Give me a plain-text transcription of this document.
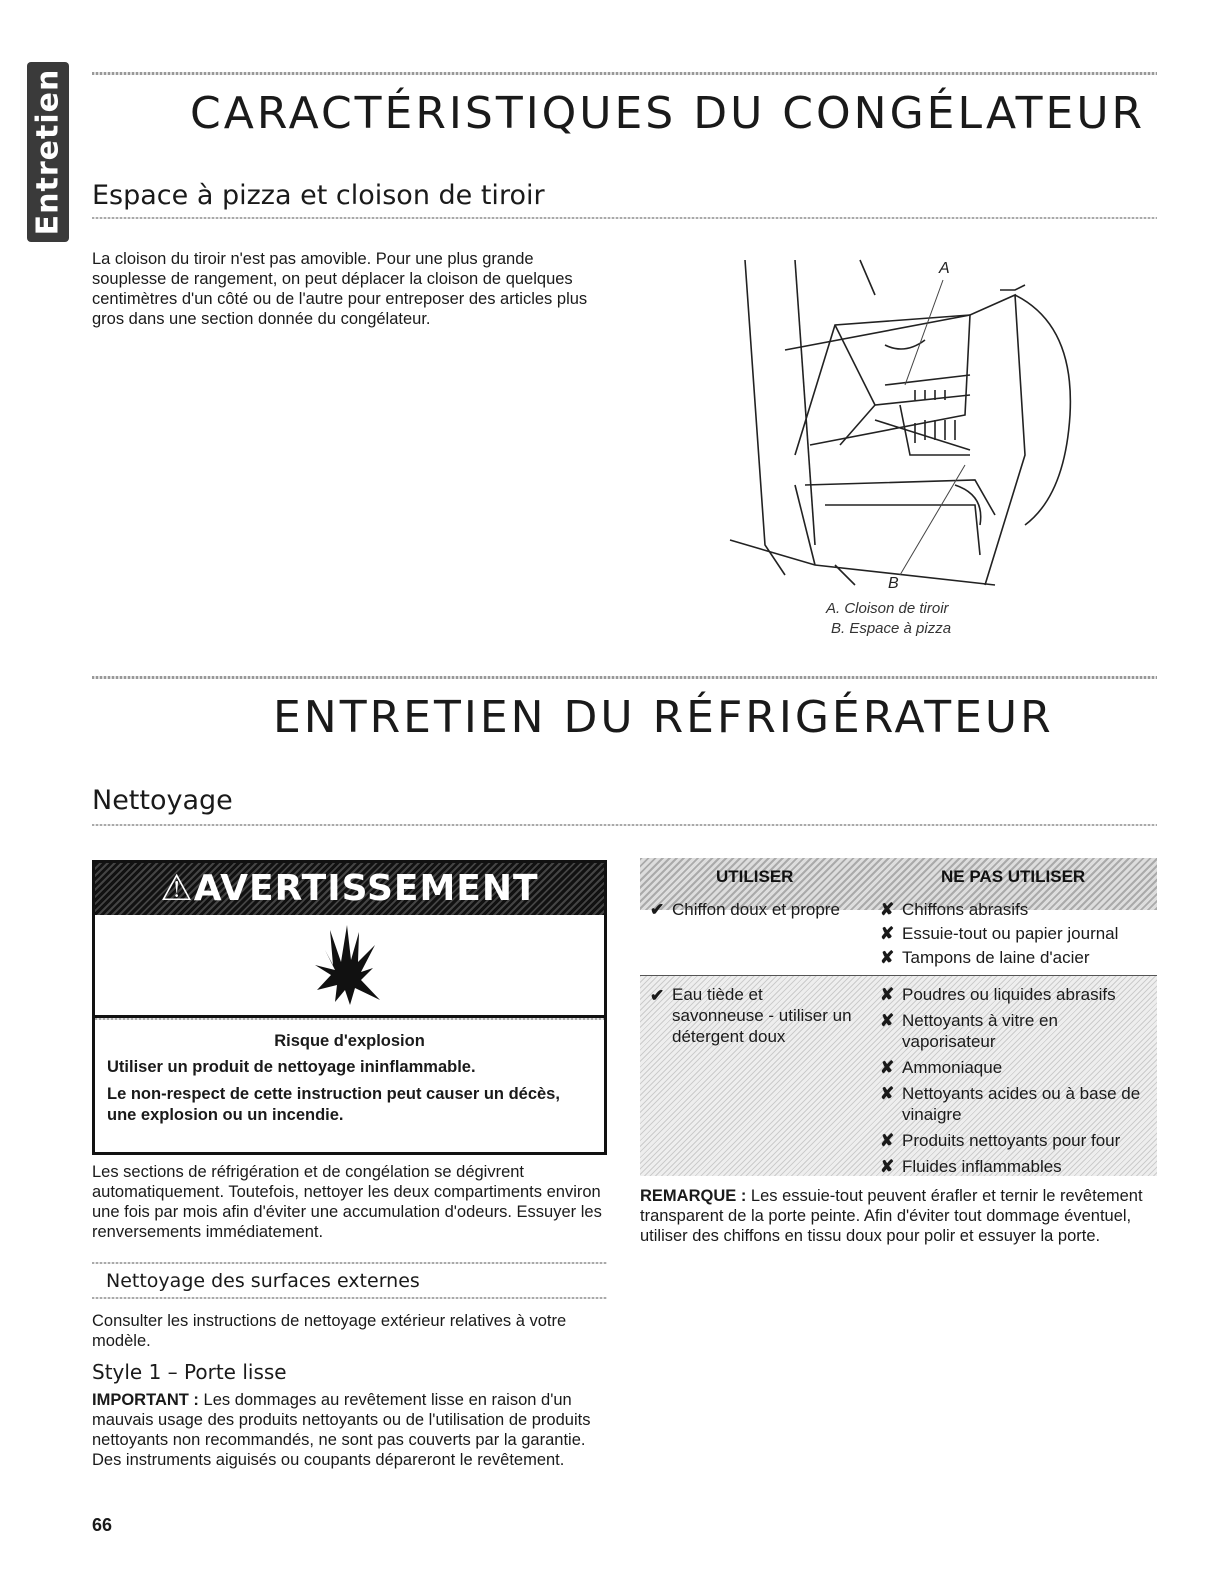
Entretien	CARACTÉRISTIQUES DU CONGÉLATEUR
Espace à pizza et cloison de tiroir
La cloison du tiroir n'est pas amovible. Pour une plus grande souplesse de rangement, on peut déplacer la cloison de quelques centimètres d'un côté ou de l'autre pour entreposer des articles plus gros dans une section donnée du congélateur.
A
B
A. Cloison de tiroir
B. Espace à pizza
ENTRETIEN DU RÉFRIGÉRATEUR
Nettoyage
⚠AVERTISSEMENT
Risque d'explosion
Utiliser un produit de nettoyage ininflammable.
Le non-respect de cette instruction peut causer un décès, une explosion ou un incendie.
Les sections de réfrigération et de congélation se dégivrent automatiquement. Toutefois, nettoyer les deux compartiments environ une fois par mois afin d'éviter une accumulation d'odeurs. Essuyer les renversements immédiatement.
Nettoyage des surfaces externes
Consulter les instructions de nettoyage extérieur relatives à votre modèle.
Style 1 – Porte lisse
IMPORTANT : Les dommages au revêtement lisse en raison d'un mauvais usage des produits nettoyants ou de l'utilisation de produits nettoyants non recommandés, ne sont pas couverts par la garantie. Des instruments aiguisés ou coupants dépareront le revêtement.
UTILISER	NE PAS UTILISER
✔ Chiffon doux et propre ✘ Chiffons abrasifs
✘ Essuie-tout ou papier journal
✘ Tampons de laine d'acier
✔ Eau tiède et savonneuse - utiliser un détergent doux
✘ Poudres ou liquides abrasifs
✘ Nettoyants à vitre en vaporisateur
✘ Ammoniaque
✘ Nettoyants acides ou à base de vinaigre
✘ Produits nettoyants pour four
✘ Fluides inflammables
REMARQUE : Les essuie-tout peuvent érafler et ternir le revêtement transparent de la porte peinte. Afin d'éviter tout dommage éventuel, utiliser des chiffons en tissu doux pour polir et essuyer la porte.
66
